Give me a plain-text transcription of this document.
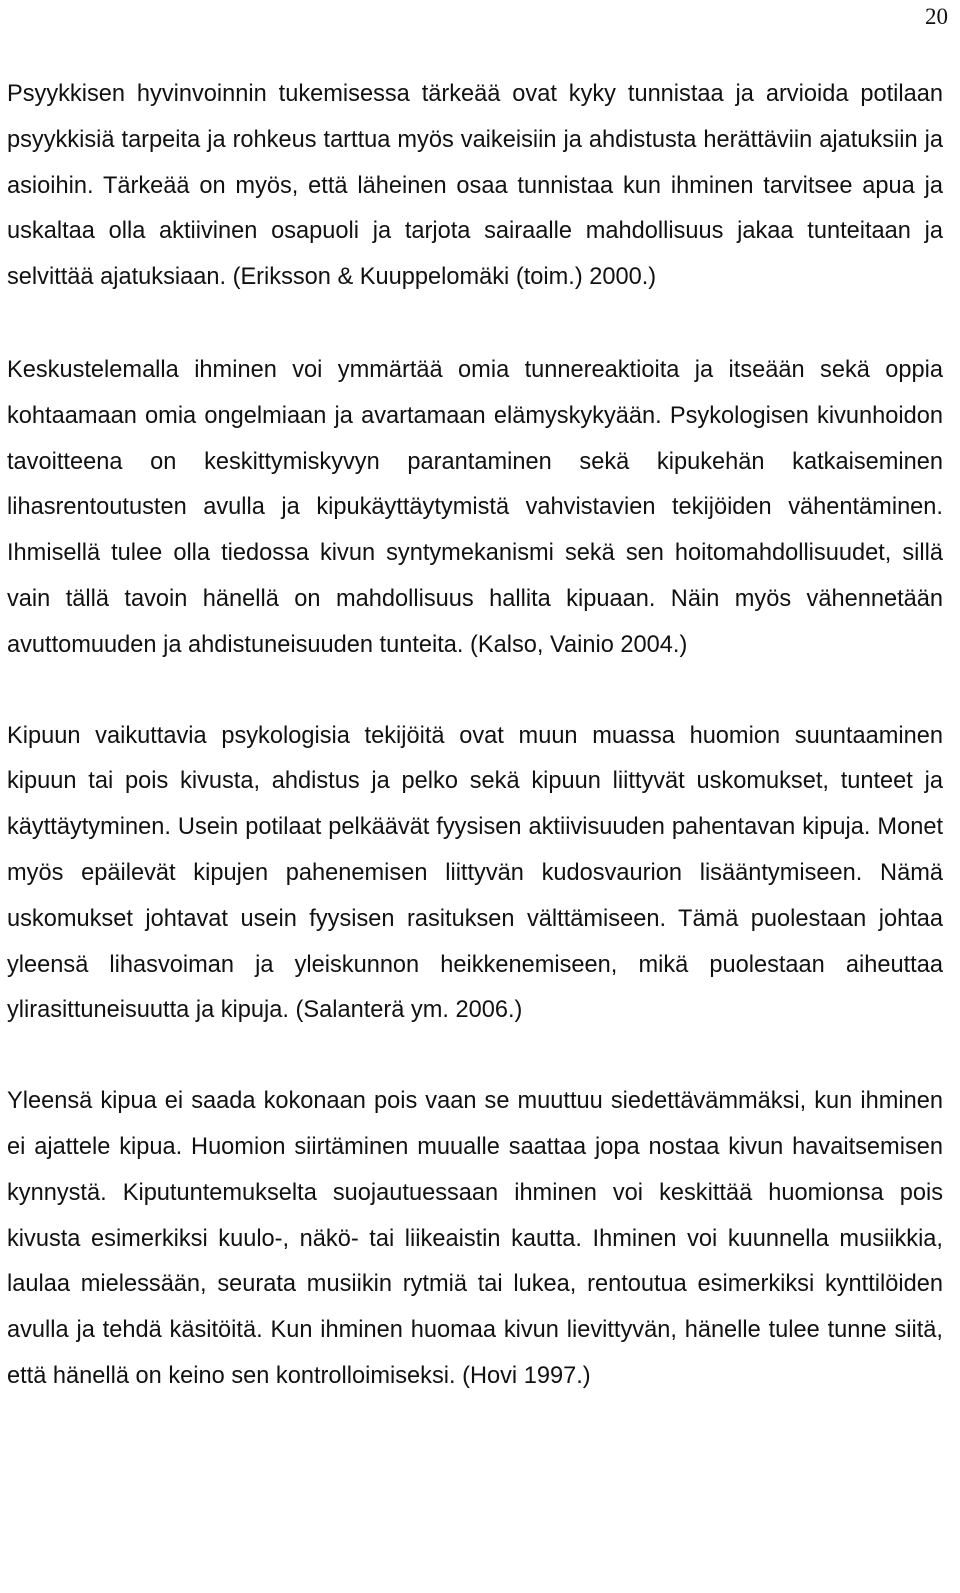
20

Psyykkisen hyvinvoinnin tukemisessa tärkeää ovat kyky tunnistaa ja arvioida potilaan psyykkisiä tarpeita ja rohkeus tarttua myös vaikeisiin ja ahdistusta herättäviin ajatuksiin ja asioihin. Tärkeää on myös, että läheinen osaa tunnistaa kun ihminen tarvitsee apua ja uskaltaa olla aktiivinen osapuoli ja tarjota sairaalle mahdollisuus jakaa tunteitaan ja selvittää ajatuksiaan. (Eriksson & Kuuppelomäki (toim.) 2000.)

Keskustelemalla ihminen voi ymmärtää omia tunnereaktioita ja itseään sekä oppia kohtaamaan omia ongelmiaan ja avartamaan elämyskykyään. Psykologisen kivunhoidon tavoitteena on keskittymiskyvyn parantaminen sekä kipukehän katkaiseminen lihasrentoutusten avulla ja kipukäyttäytymistä vahvistavien tekijöiden vähentäminen. Ihmisellä tulee olla tiedossa kivun syntymekanismi sekä sen hoitomahdollisuudet, sillä vain tällä tavoin hänellä on mahdollisuus hallita kipuaan. Näin myös vähennetään avuttomuuden ja ahdistuneisuuden tunteita. (Kalso, Vainio 2004.)

Kipuun vaikuttavia psykologisia tekijöitä ovat muun muassa huomion suuntaaminen kipuun tai pois kivusta, ahdistus ja pelko sekä kipuun liittyvät uskomukset, tunteet ja käyttäytyminen. Usein potilaat pelkäävät fyysisen aktiivisuuden pahentavan kipuja. Monet myös epäilevät kipujen pahenemisen liittyvän kudosvaurion lisääntymiseen. Nämä uskomukset johtavat usein fyysisen rasituksen välttämiseen. Tämä puolestaan johtaa yleensä lihasvoiman ja yleiskunnon heikkenemiseen, mikä puolestaan aiheuttaa ylirasittuneisuutta ja kipuja. (Salanterä ym. 2006.)

Yleensä kipua ei saada kokonaan pois vaan se muuttuu siedettävämmäksi, kun ihminen ei ajattele kipua. Huomion siirtäminen muualle saattaa jopa nostaa kivun havaitsemisen kynnystä. Kiputuntemukselta suojautuessaan ihminen voi keskittää huomionsa pois kivusta esimerkiksi kuulo-, näkö- tai liikeaistin kautta. Ihminen voi kuunnella musiikkia, laulaa mielessään, seurata musiikin rytmiä tai lukea, rentoutua esimerkiksi kynttilöiden avulla ja tehdä käsitöitä. Kun ihminen huomaa kivun lievittyvän, hänelle tulee tunne siitä, että hänellä on keino sen kontrolloimiseksi. (Hovi 1997.)
